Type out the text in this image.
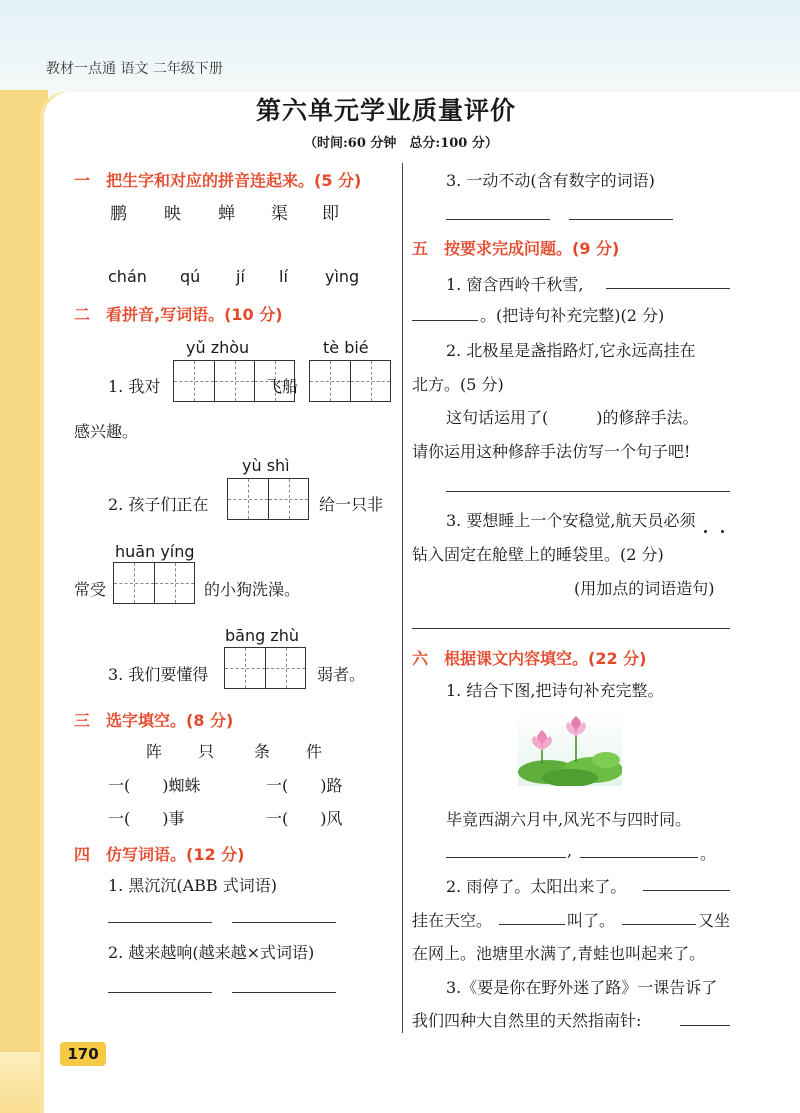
教材一点通 语文 二年级下册
第六单元学业质量评价
（时间:60 分钟　总分:100 分）
一　把生字和对应的拼音连起来。(5 分)
鹏 映 蝉 渠 即
chán qú jí lí yìng
二　看拼音,写词语。(10 分)
yǔ zhòu	tè bié
1. 我对	飞船
感兴趣。
yù shì
2. 孩子们正在	给一只非
huān yíng
常受	的小狗洗澡。
bāng zhù
3. 我们要懂得	弱者。
三　选字填空。(8 分)
阵 只 条 件
一(　　)蜘蛛	一(　　)路
一(　　)事	一(　　)风
四　仿写词语。(12 分)
1. 黑沉沉(ABB 式词语)
2. 越来越响(越来越×式词语)
3. 一动不动(含有数字的词语)
五　按要求完成问题。(9 分)
1. 窗含西岭千秋雪,
。(把诗句补充完整)(2 分)
2. 北极星是盏指路灯,它永远高挂在
北方。(5 分)
这句话运用了(　　　)的修辞手法。
请你运用这种修辞手法仿写一个句子吧!
3. 要想睡上一个安稳觉,航天员必须
钻入固定在舱壁上的睡袋里。(2 分)
(用加点的词语造句)
六　根据课文内容填空。(22 分)
1. 结合下图,把诗句补充完整。
毕竟西湖六月中,风光不与四时同。
,	。
2. 雨停了。太阳出来了。
挂在天空。	叫了。	又坐
在网上。池塘里水满了,青蛙也叫起来了。
3.《要是你在野外迷了路》一课告诉了
我们四种大自然里的天然指南针:
170
